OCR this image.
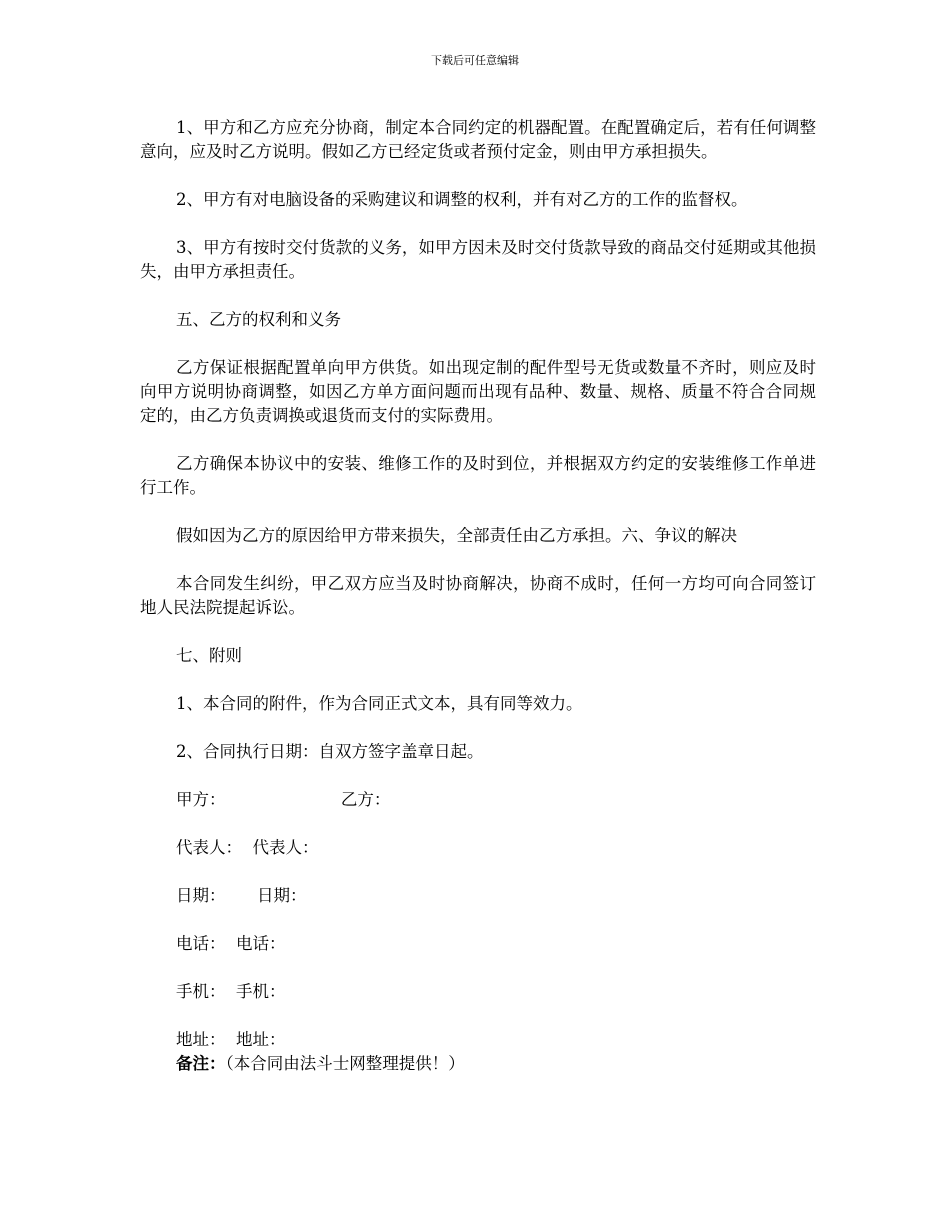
下载后可任意编辑

1、甲方和乙方应充分协商，制定本合同约定的机器配置。在配置确定后，若有任何调整意向，应及时乙方说明。假如乙方已经定货或者预付定金，则由甲方承担损失。

2、甲方有对电脑设备的采购建议和调整的权利，并有对乙方的工作的监督权。

3、甲方有按时交付货款的义务，如甲方因未及时交付货款导致的商品交付延期或其他损失，由甲方承担责任。

五、乙方的权利和义务

乙方保证根据配置单向甲方供货。如出现定制的配件型号无货或数量不齐时，则应及时向甲方说明协商调整，如因乙方单方面问题而出现有品种、数量、规格、质量不符合合同规定的，由乙方负责调换或退货而支付的实际费用。

乙方确保本协议中的安装、维修工作的及时到位，并根据双方约定的安装维修工作单进行工作。

假如因为乙方的原因给甲方带来损失，全部责任由乙方承担。六、争议的解决

本合同发生纠纷，甲乙双方应当及时协商解决，协商不成时，任何一方均可向合同签订地人民法院提起诉讼。

七、附则

1、本合同的附件，作为合同正式文本，具有同等效力。

2、合同执行日期：自双方签字盖章日起。

甲方：                      乙方：
代表人：  代表人：
日期：      日期：
电话：  电话：
手机：  手机：
地址：  地址：
备注：（本合同由法斗士网整理提供！）
